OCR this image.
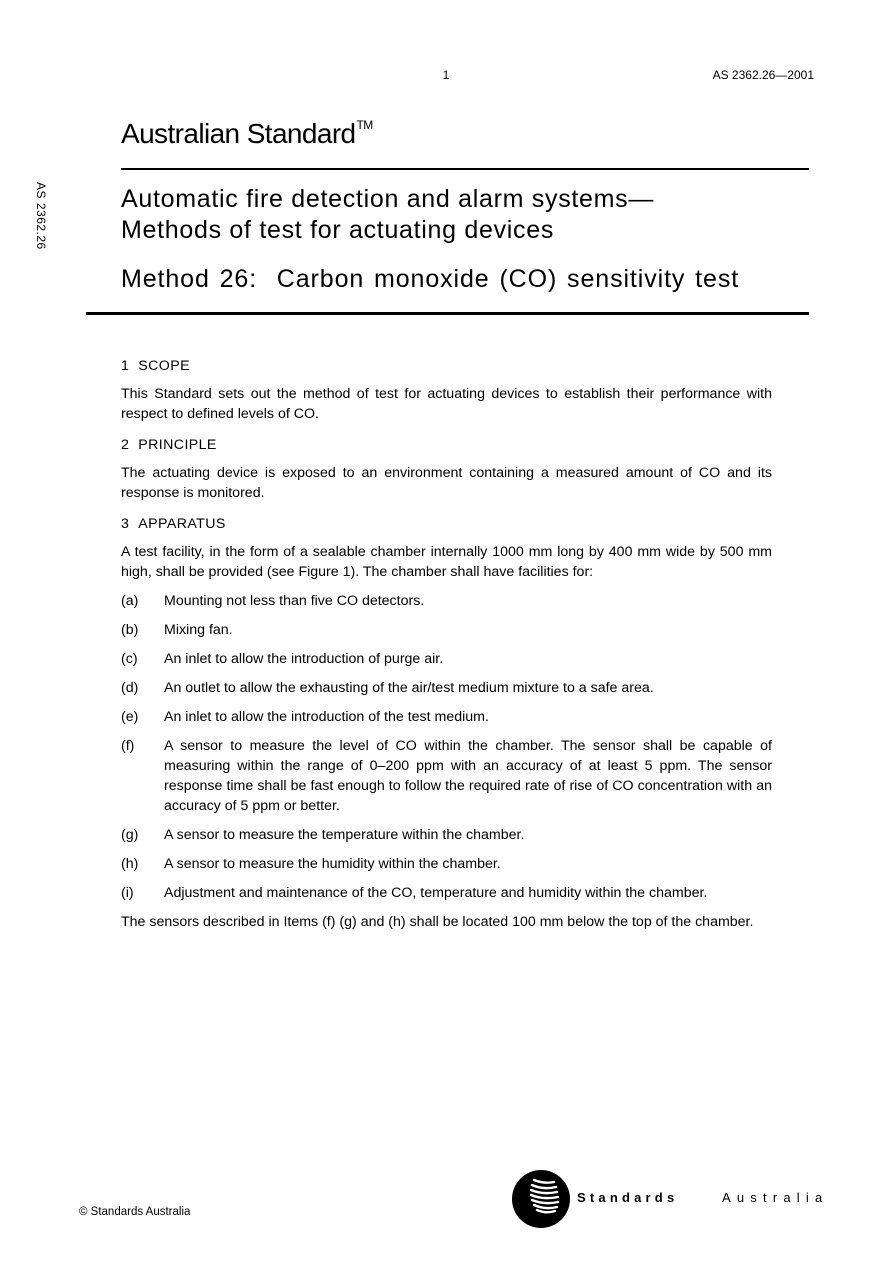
1	AS 2362.26—2001
AS 2362.26
Australian Standard™

Automatic fire detection and alarm systems—
Methods of test for actuating devices

Method 26:  Carbon monoxide (CO) sensitivity test

1 SCOPE

This Standard sets out the method of test for actuating devices to establish their performance with respect to defined levels of CO.

2 PRINCIPLE

The actuating device is exposed to an environment containing a measured amount of CO and its response is monitored.

3 APPARATUS

A test facility, in the form of a sealable chamber internally 1000 mm long by 400 mm wide by 500 mm high, shall be provided (see Figure 1). The chamber shall have facilities for:

(a)	Mounting not less than five CO detectors.
(b)	Mixing fan.
(c)	An inlet to allow the introduction of purge air.
(d)	An outlet to allow the exhausting of the air/test medium mixture to a safe area.
(e)	An inlet to allow the introduction of the test medium.
(f)	A sensor to measure the level of CO within the chamber. The sensor shall be capable of measuring within the range of 0–200 ppm with an accuracy of at least 5 ppm. The sensor response time shall be fast enough to follow the required rate of rise of CO concentration with an accuracy of 5 ppm or better.
(g)	A sensor to measure the temperature within the chamber.
(h)	A sensor to measure the humidity within the chamber.
(i)	Adjustment and maintenance of the CO, temperature and humidity within the chamber.

The sensors described in Items (f) (g) and (h) shall be located 100 mm below the top of the chamber.

© Standards Australia
Standards	Australia
